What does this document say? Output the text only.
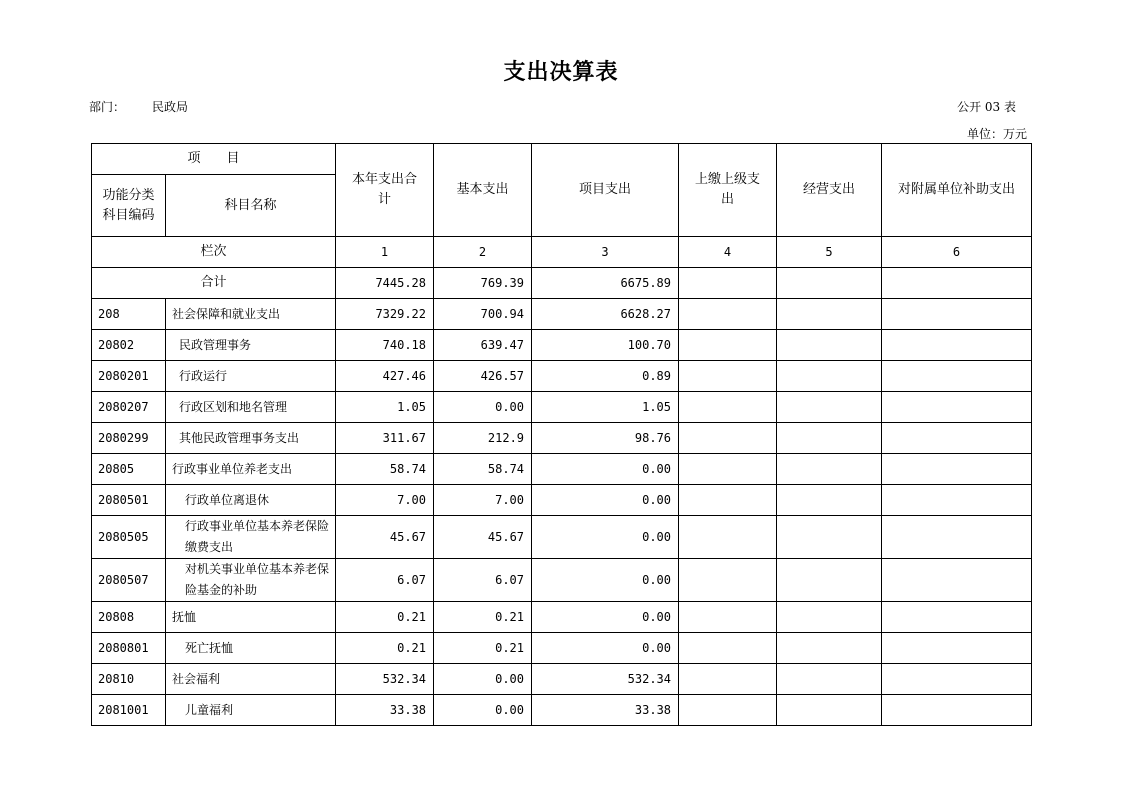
支出决算表
部门： 民政局	公开 03 表
单位：万元
项　　目		本年支出合计	基本支出	项目支出	上缴上级支出	经营支出	对附属单位补助支出
功能分类科目编码	科目名称						
栏次		1	2	3	4	5	6
合计		7445.28	769.39	6675.89			
208	社会保障和就业支出	7329.22	700.94	6628.27			
20802	民政管理事务	740.18	639.47	100.70			
2080201	行政运行	427.46	426.57	0.89			
2080207	行政区划和地名管理	1.05	0.00	1.05			
2080299	其他民政管理事务支出	311.67	212.9	98.76			
20805	行政事业单位养老支出	58.74	58.74	0.00			
2080501	行政单位离退休	7.00	7.00	0.00			
2080505	行政事业单位基本养老保险缴费支出	45.67	45.67	0.00			
2080507	对机关事业单位基本养老保险基金的补助	6.07	6.07	0.00			
20808	抚恤	0.21	0.21	0.00			
2080801	死亡抚恤	0.21	0.21	0.00			
20810	社会福利	532.34	0.00	532.34			
2081001	儿童福利	33.38	0.00	33.38			
